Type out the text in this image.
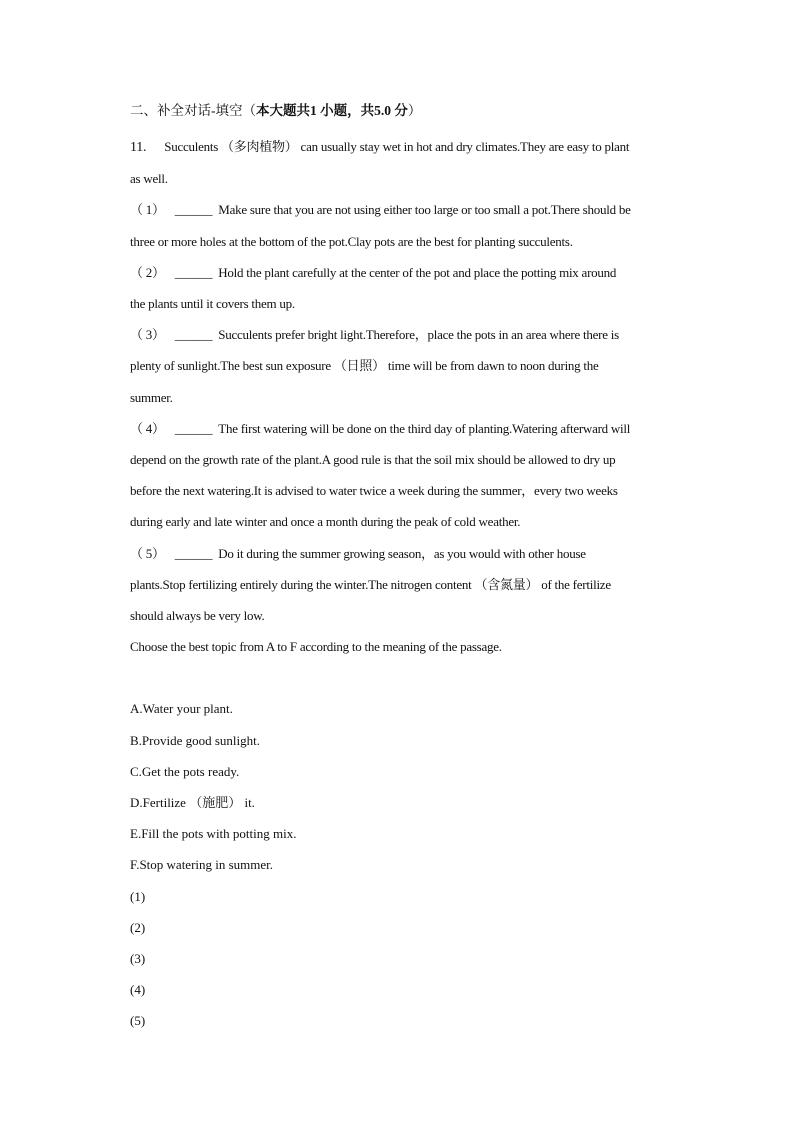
二、补全对话-填空（本大题共1 小题，共5.0 分）
11. Succulents （多肉植物） can usually stay wet in hot and dry climates.They are easy to plant
as well.
（ 1） ______ Make sure that you are not using either too large or too small a pot.There should be
three or more holes at the bottom of the pot.Clay pots are the best for planting succulents.
（ 2） ______ Hold the plant carefully at the center of the pot and place the potting mix around
the plants until it covers them up.
（ 3） ______ Succulents prefer bright light.Therefore，place the pots in an area where there is
plenty of sunlight.The best sun exposure （日照） time will be from dawn to noon during the
summer.
（ 4） ______ The first watering will be done on the third day of planting.Watering afterward will
depend on the growth rate of the plant.A good rule is that the soil mix should be allowed to dry up
before the next watering.It is advised to water twice a week during the summer，every two weeks
during early and late winter and once a month during the peak of cold weather.
（ 5） ______ Do it during the summer growing season，as you would with other house
plants.Stop fertilizing entirely during the winter.The nitrogen content （含氮量） of the fertilize
should always be very low.
Choose the best topic from A to F according to the meaning of the passage.
A.Water your plant.
B.Provide good sunlight.
C.Get the pots ready.
D.Fertilize （施肥） it.
E.Fill the pots with potting mix.
F.Stop watering in summer.
(1)
(2)
(3)
(4)
(5)
